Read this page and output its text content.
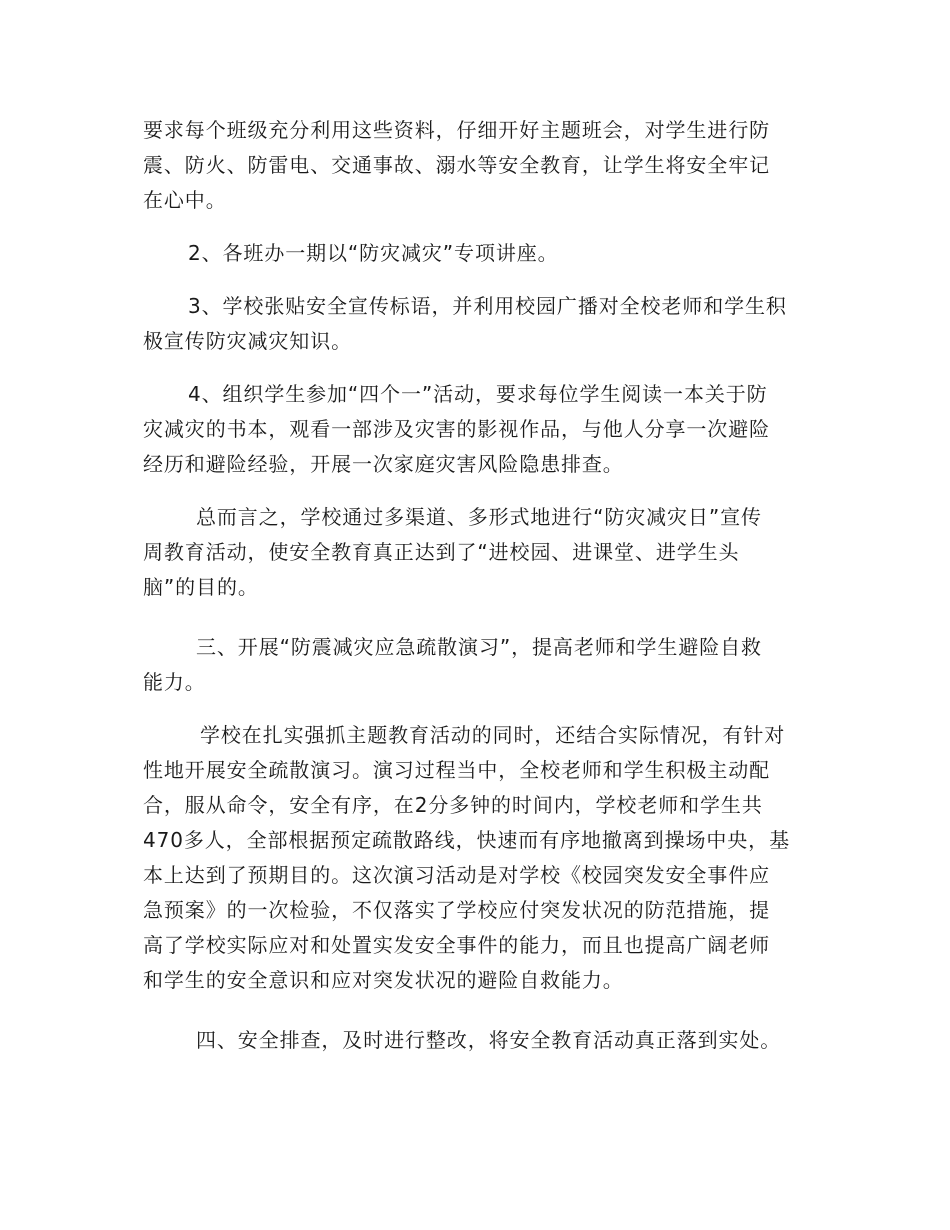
要求每个班级充分利用这些资料，仔细开好主题班会，对学生进行防
震、防火、防雷电、交通事故、溺水等安全教育，让学生将安全牢记
在心中。
2、各班办一期以“防灾减灾”专项讲座。
3、学校张贴安全宣传标语，并利用校园广播对全校老师和学生积
极宣传防灾减灾知识。
4、组织学生参加“四个一”活动，要求每位学生阅读一本关于防
灾减灾的书本，观看一部涉及灾害的影视作品，与他人分享一次避险
经历和避险经验，开展一次家庭灾害风险隐患排查。
总而言之，学校通过多渠道、多形式地进行“防灾减灾日”宣传
周教育活动，使安全教育真正达到了“进校园、进课堂、进学生头
脑”的目的。
三、开展“防震减灾应急疏散演习”，提高老师和学生避险自救
能力。
学校在扎实强抓主题教育活动的同时，还结合实际情况，有针对
性地开展安全疏散演习。演习过程当中，全校老师和学生积极主动配
合，服从命令，安全有序，在2分多钟的时间内，学校老师和学生共
470多人，全部根据预定疏散路线，快速而有序地撤离到操场中央，基
本上达到了预期目的。这次演习活动是对学校《校园突发安全事件应
急预案》的一次检验，不仅落实了学校应付突发状况的防范措施，提
高了学校实际应对和处置实发安全事件的能力，而且也提高广阔老师
和学生的安全意识和应对突发状况的避险自救能力。
四、安全排查，及时进行整改，将安全教育活动真正落到实处。
